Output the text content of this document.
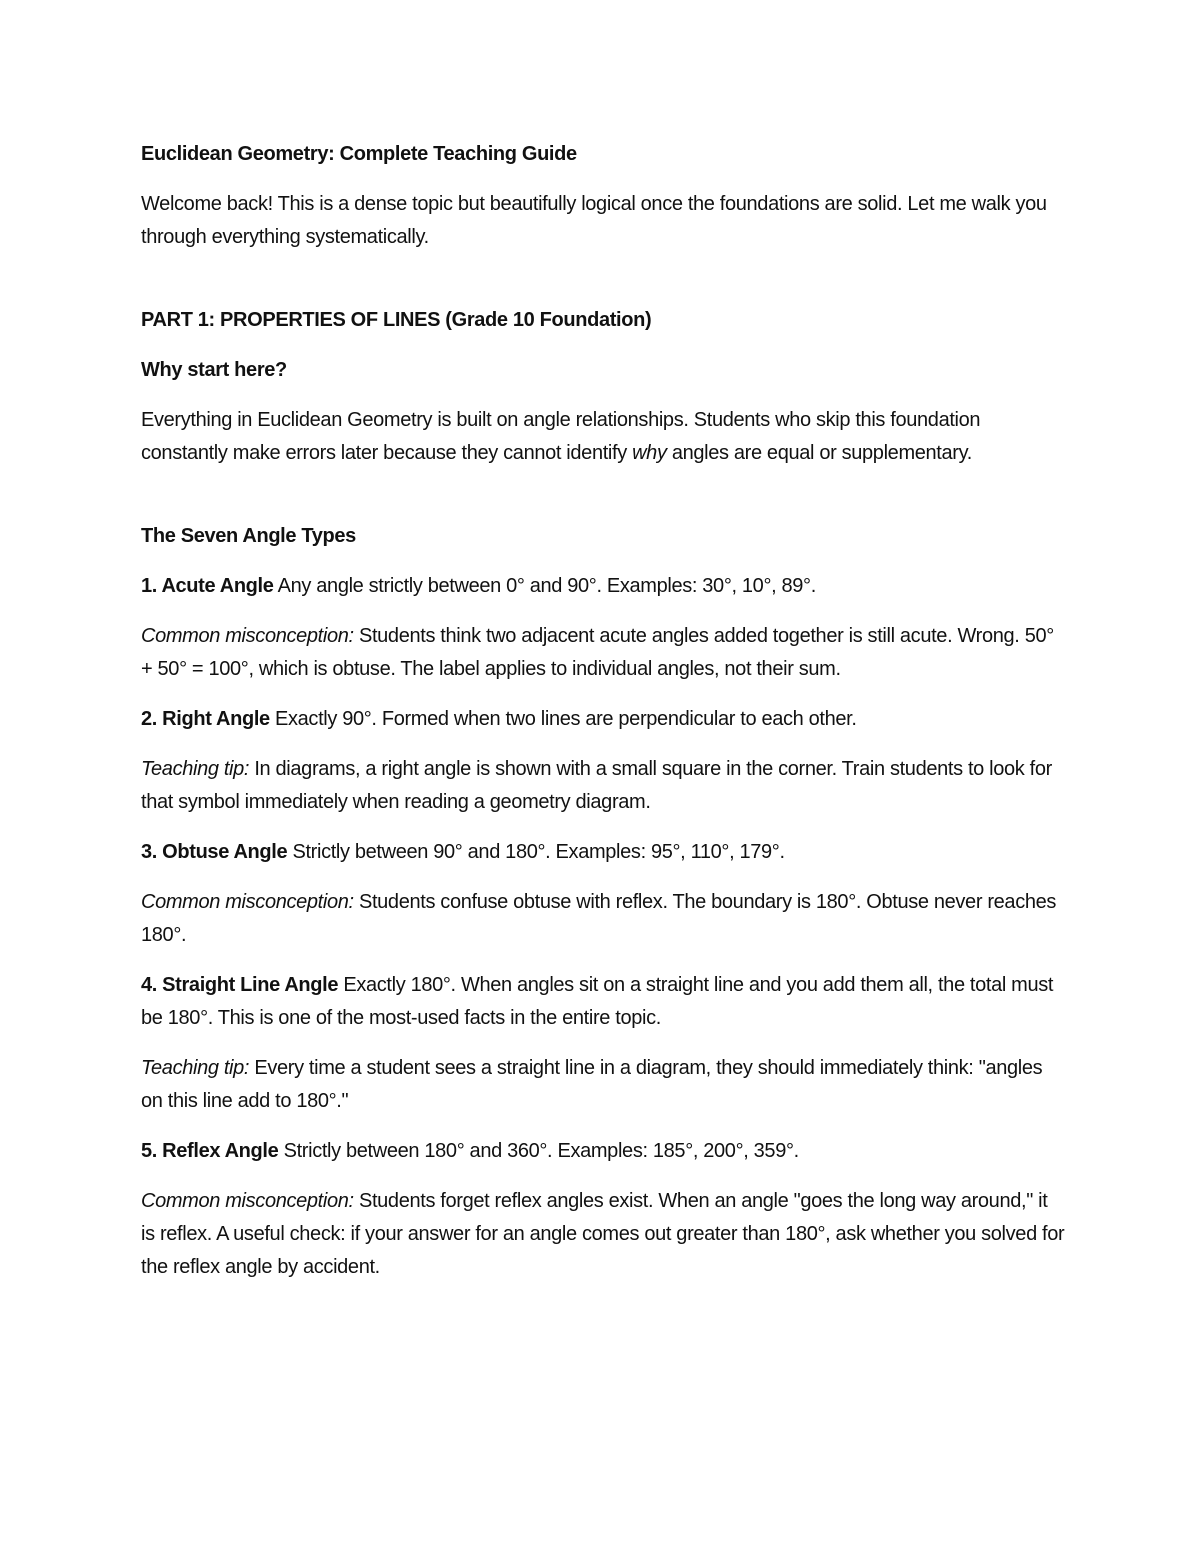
Euclidean Geometry: Complete Teaching Guide

Welcome back! This is a dense topic but beautifully logical once the foundations are solid. Let me walk you through everything systematically.

PART 1: PROPERTIES OF LINES (Grade 10 Foundation)

Why start here?

Everything in Euclidean Geometry is built on angle relationships. Students who skip this foundation constantly make errors later because they cannot identify why angles are equal or supplementary.

The Seven Angle Types

1. Acute Angle Any angle strictly between 0° and 90°. Examples: 30°, 10°, 89°.

Common misconception: Students think two adjacent acute angles added together is still acute. Wrong. 50° + 50° = 100°, which is obtuse. The label applies to individual angles, not their sum.

2. Right Angle Exactly 90°. Formed when two lines are perpendicular to each other.

Teaching tip: In diagrams, a right angle is shown with a small square in the corner. Train students to look for that symbol immediately when reading a geometry diagram.

3. Obtuse Angle Strictly between 90° and 180°. Examples: 95°, 110°, 179°.

Common misconception: Students confuse obtuse with reflex. The boundary is 180°. Obtuse never reaches 180°.

4. Straight Line Angle Exactly 180°. When angles sit on a straight line and you add them all, the total must be 180°. This is one of the most-used facts in the entire topic.

Teaching tip: Every time a student sees a straight line in a diagram, they should immediately think: "angles on this line add to 180°."

5. Reflex Angle Strictly between 180° and 360°. Examples: 185°, 200°, 359°.

Common misconception: Students forget reflex angles exist. When an angle "goes the long way around," it is reflex. A useful check: if your answer for an angle comes out greater than 180°, ask whether you solved for the reflex angle by accident.
